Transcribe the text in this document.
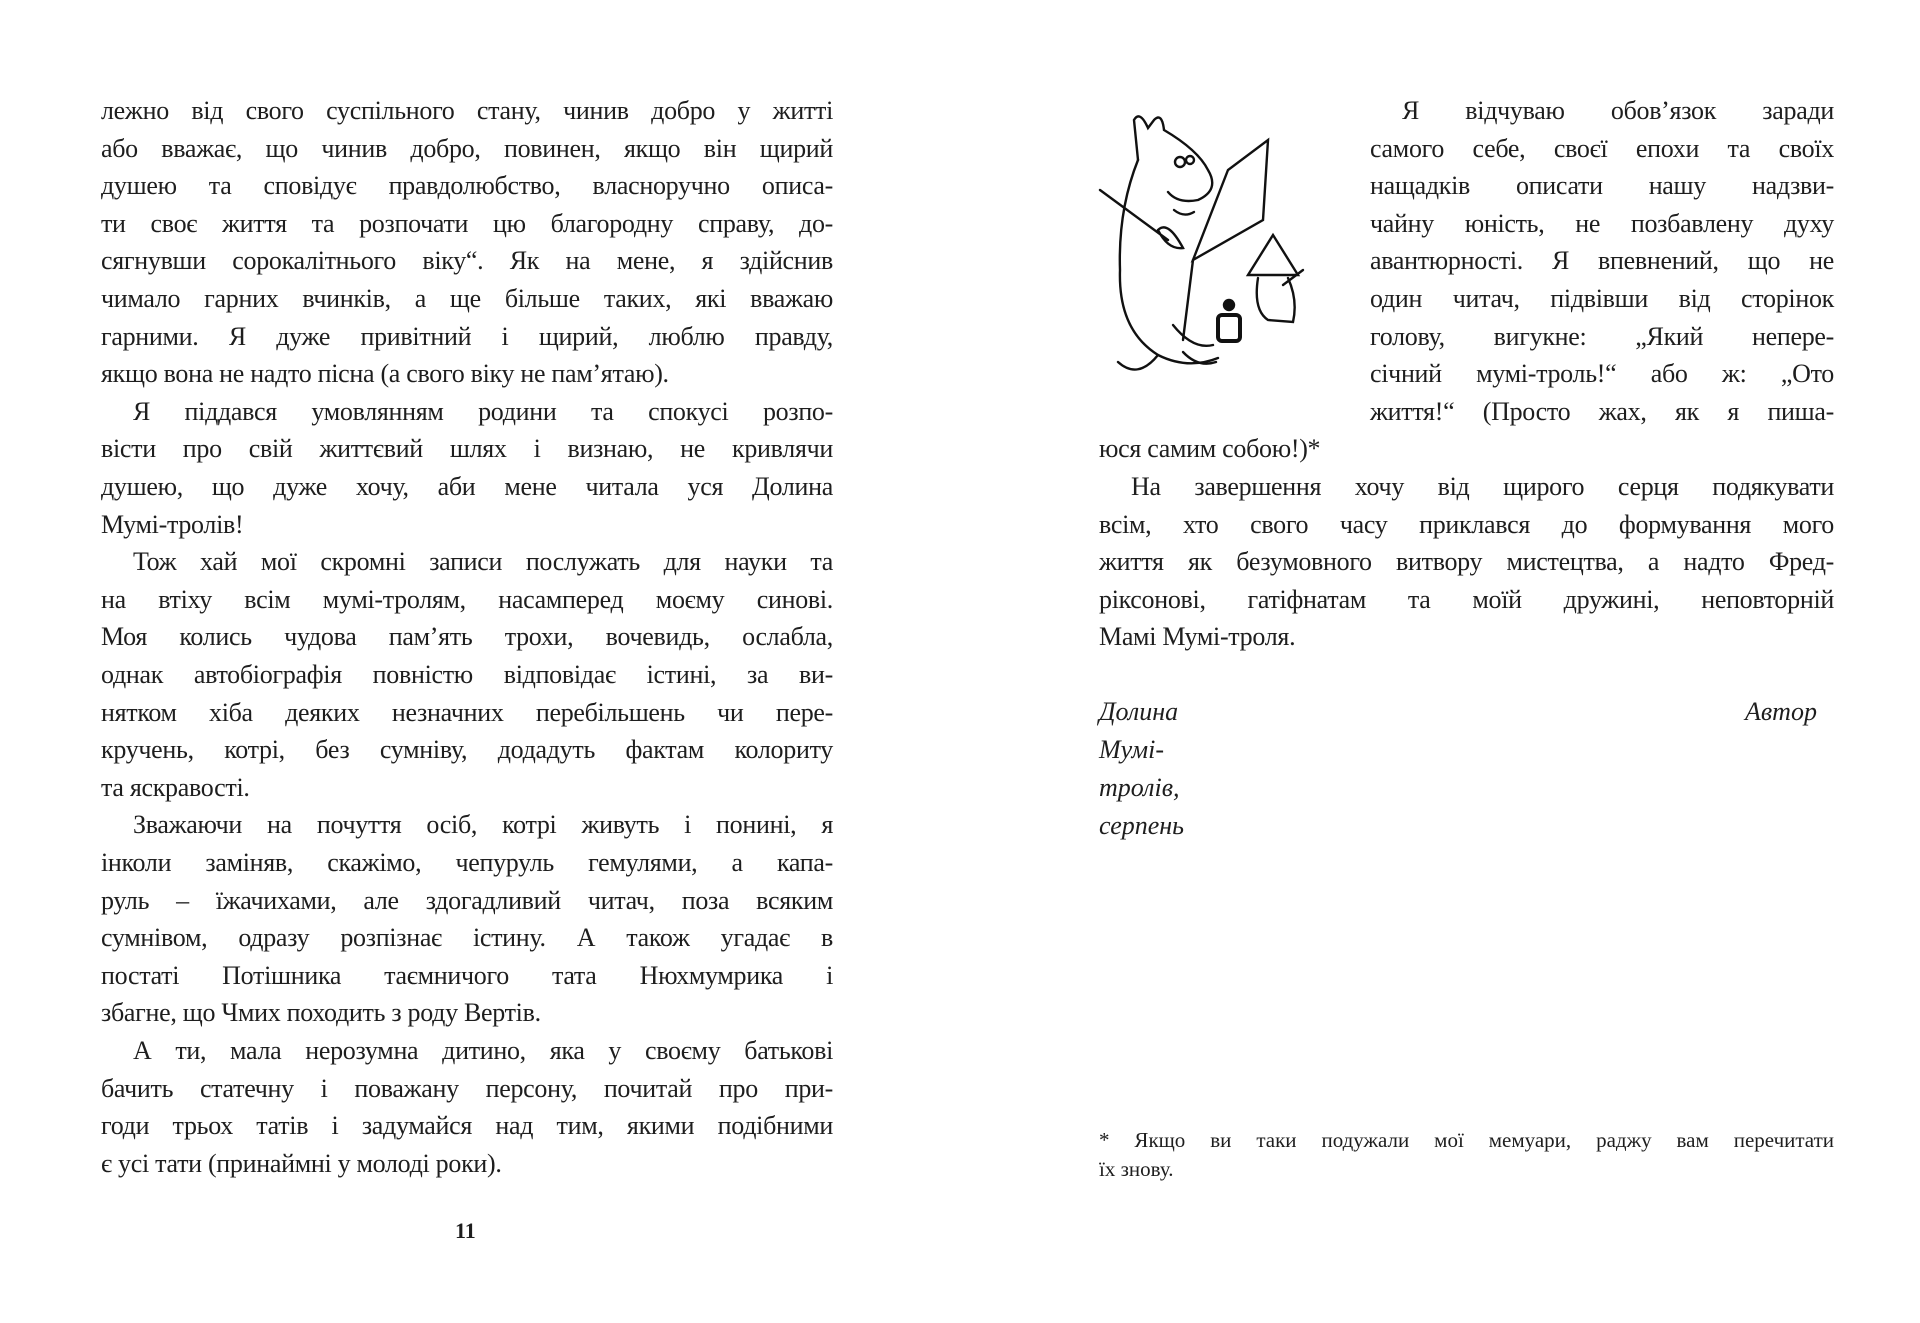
лежно від свого суспільного стану, чинив добро у житті
або вважає, що чинив добро, повинен, якщо він щирий
душею та сповідує правдолюбство, власноручно описа-
ти своє життя та розпочати цю благородну справу, до-
сягнувши сорокалітнього віку“. Як на мене, я здійснив
чимало гарних вчинків, а ще більше таких, які вважаю
гарними. Я дуже привітний і щирий, люблю правду,
якщо вона не надто пісна (а свого віку не пам’ятаю).
Я піддався умовлянням родини та спокусі розпо-
вісти про свій життєвий шлях і визнаю, не кривлячи
душею, що дуже хочу, аби мене читала уся Долина
Мумі-тролів!
Тож хай мої скромні записи послужать для науки та
на втіху всім мумі-тролям, насамперед моєму синові.
Моя колись чудова пам’ять трохи, вочевидь, ослабла,
однак автобіографія повністю відповідає істині, за ви-
нятком хіба деяких незначних перебільшень чи пере-
кручень, котрі, без сумніву, додадуть фактам колориту
та яскравості.
Зважаючи на почуття осіб, котрі живуть і понині, я
інколи заміняв, скажімо, чепуруль гемулями, а капа-
руль – їжачихами, але здогадливий читач, поза всяким
сумнівом, одразу розпізнає істину. А також угадає в
постаті Потішника таємничого тата Нюхмумрика і
збагне, що Чмих походить з роду Вертів.
А ти, мала нерозумна дитино, яка у своєму батькові
бачить статечну і поважану персону, почитай про при-
годи трьох татів і задумайся над тим, якими подібними
є усі тати (принаймні у молоді роки).
11
Я відчуваю обов’язок заради
самого себе, своєї епохи та своїх
нащадків описати нашу надзви-
чайну юність, не позбавлену духу
авантюрності. Я впевнений, що не
один читач, підвівши від сторінок
голову, вигукне: „Який непере-
січний мумі-троль!“ або ж: „Ото
життя!“ (Просто жах, як я пиша-
юся самим собою!)*
На завершення хочу від щирого серця подякувати
всім, хто свого часу приклався до формування мого
життя як безумовного витвору мистецтва, а надто Фред-
ріксонові, гатіфнатам та моїй дружині, неповторній
Мамі Мумі-троля.
Долина Мумі-тролів, серпень
Автор
* Якщо ви таки подужали мої мемуари, раджу вам перечитати
їх знову.
